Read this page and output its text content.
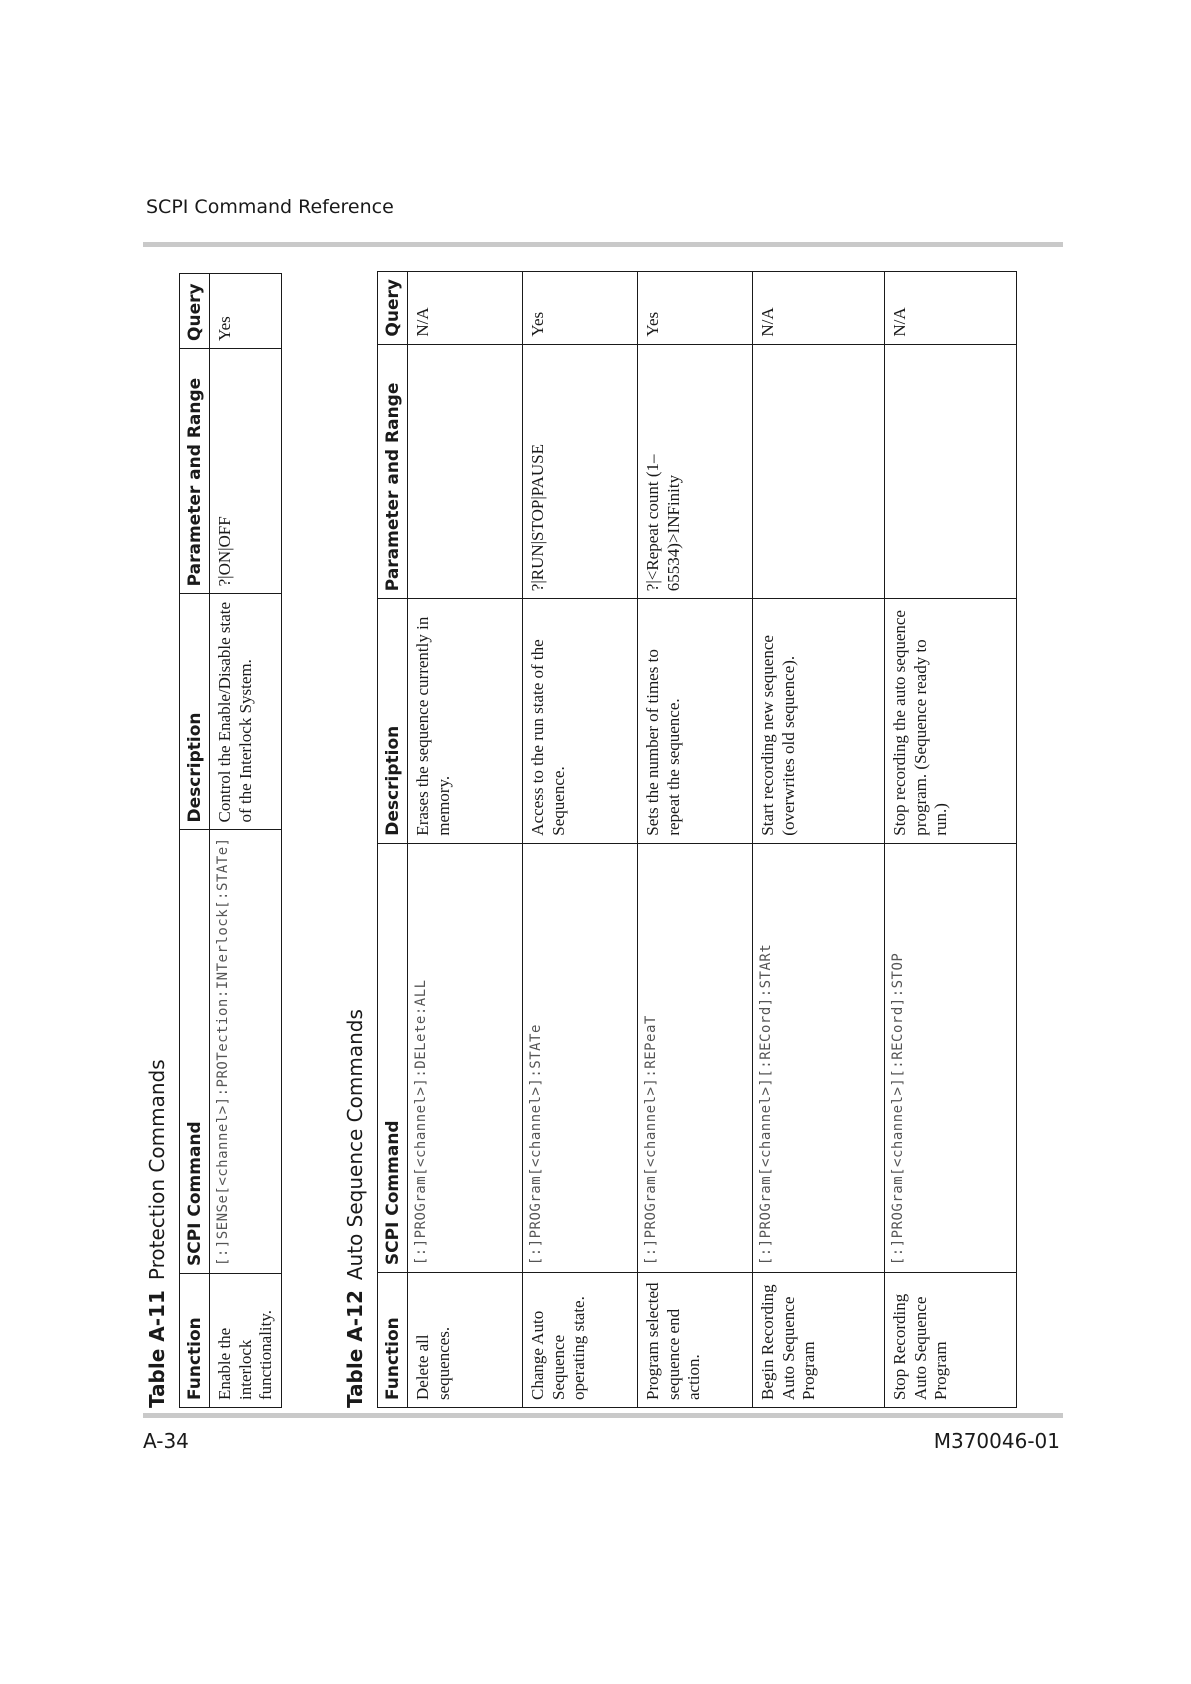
SCPI Command Reference
Table A-11Protection Commands
Function	SCPI Command	Description	Parameter and Range	Query
Enable the interlock functionality.	[:]SENSe[<channel>]:PROTection:INTerlock[:STATe]	Control the Enable/Disable state of the Interlock System.	?|ON|OFF	Yes
Table A-12Auto Sequence Commands
Function	SCPI Command	Description	Parameter and Range	Query
Delete all sequences.	[:]PROGram[<channel>]:DELete:ALL	Erases the sequence currently in memory.		N/A
Change Auto Sequence operating state.	[:]PROGram[<channel>]:STATe	Access to the run state of the Sequence.	?|RUN|STOP|PAUSE	Yes
Program selected sequence end action.	[:]PROGram[<channel>]:REPeaT	Sets the number of times to repeat the sequence.	?|<Repeat count (1–65534)>INFinity	Yes
Begin Recording Auto Sequence Program	[:]PROGram[<channel>][:RECord]:STARt	Start recording new sequence (overwrites old sequence).		N/A
Stop Recording Auto Sequence Program	[:]PROGram[<channel>][:RECord]:STOP	Stop recording the auto sequence program. (Sequence ready to run.)		N/A
A-34	M370046-01
